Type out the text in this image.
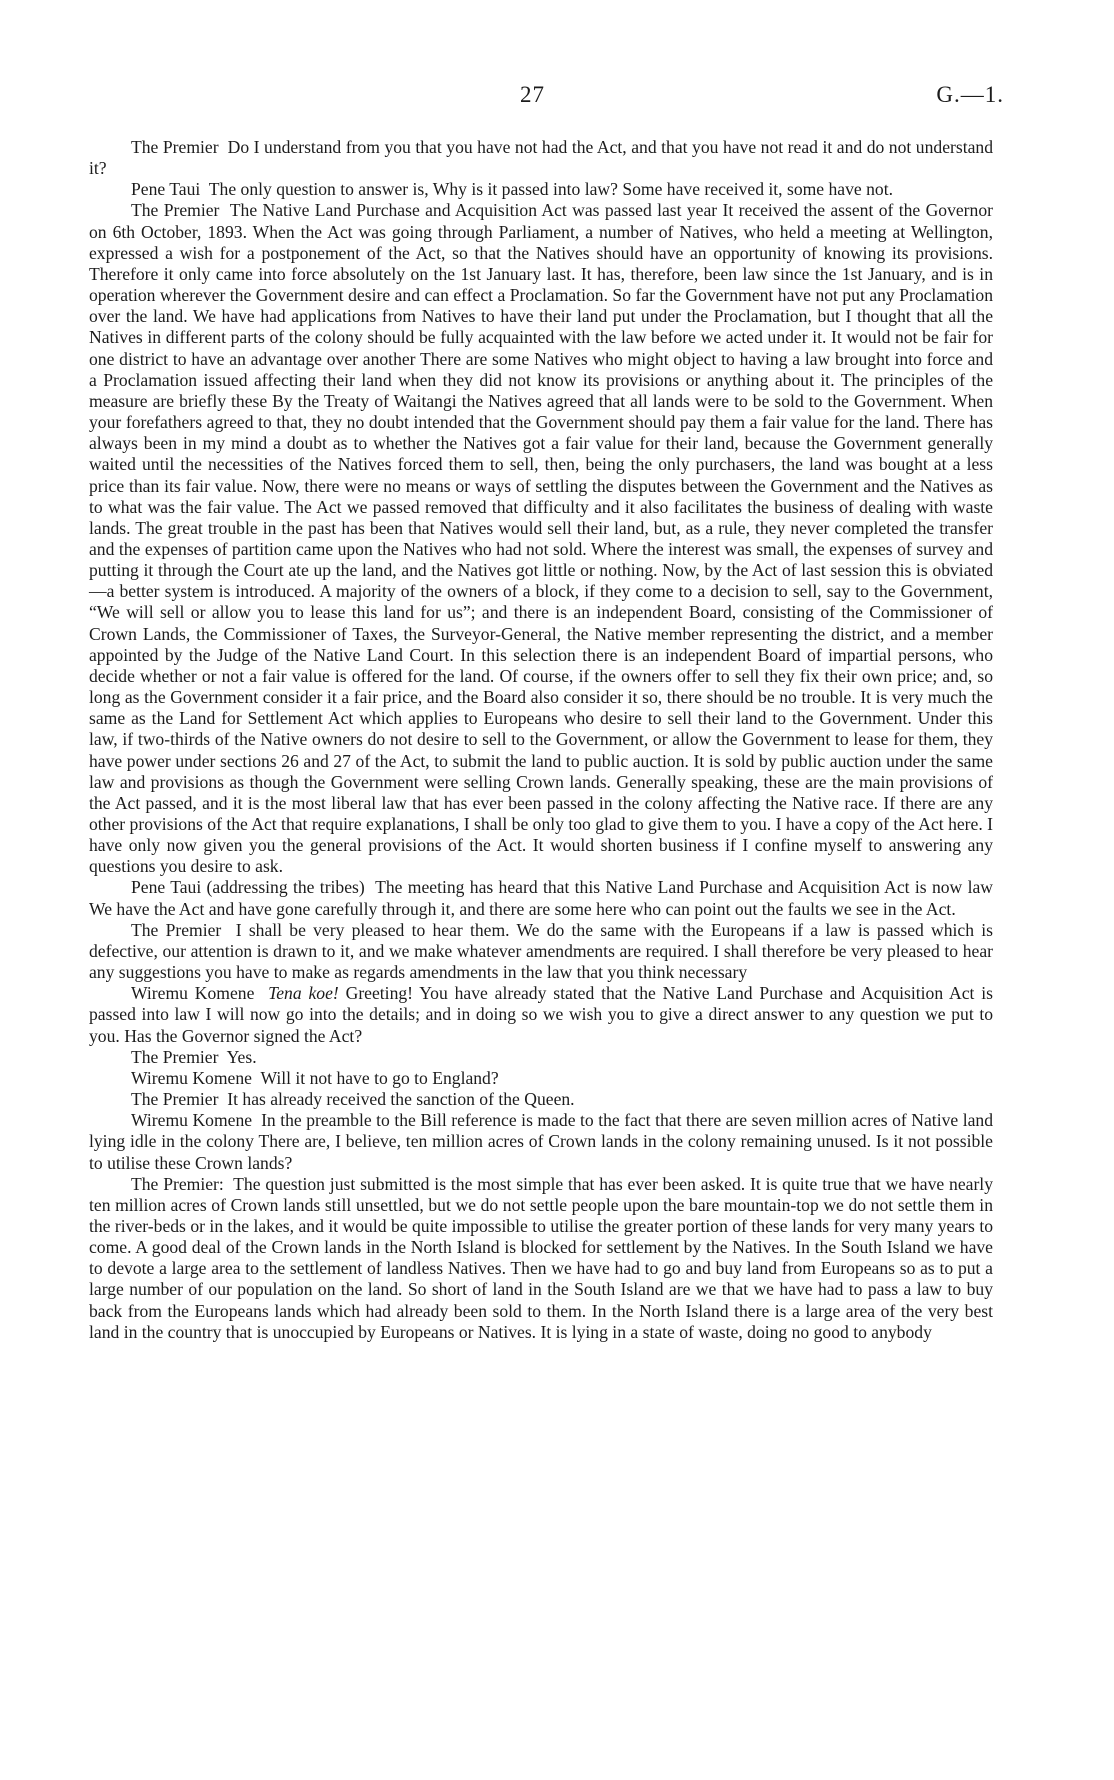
27	G.—1.

The Premier Do I understand from you that you have not had the Act, and that you have not read it and do not understand it?

Pene Taui The only question to answer is, Why is it passed into law? Some have received it, some have not.

The Premier The Native Land Purchase and Acquisition Act was passed last year It received the assent of the Governor on 6th October, 1893. When the Act was going through Parliament, a number of Natives, who held a meeting at Wellington, expressed a wish for a postponement of the Act, so that the Natives should have an opportunity of knowing its provisions. Therefore it only came into force absolutely on the 1st January last. It has, therefore, been law since the 1st January, and is in operation wherever the Government desire and can effect a Proclamation. So far the Government have not put any Proclamation over the land. We have had applications from Natives to have their land put under the Proclamation, but I thought that all the Natives in different parts of the colony should be fully acquainted with the law before we acted under it. It would not be fair for one district to have an advantage over another There are some Natives who might object to having a law brought into force and a Proclamation issued affecting their land when they did not know its provisions or anything about it. The principles of the measure are briefly these By the Treaty of Waitangi the Natives agreed that all lands were to be sold to the Government. When your forefathers agreed to that, they no doubt intended that the Government should pay them a fair value for the land. There has always been in my mind a doubt as to whether the Natives got a fair value for their land, because the Government generally waited until the necessities of the Natives forced them to sell, then, being the only purchasers, the land was bought at a less price than its fair value. Now, there were no means or ways of settling the disputes between the Government and the Natives as to what was the fair value. The Act we passed removed that difficulty and it also facilitates the business of dealing with waste lands. The great trouble in the past has been that Natives would sell their land, but, as a rule, they never completed the transfer and the expenses of partition came upon the Natives who had not sold. Where the interest was small, the expenses of survey and putting it through the Court ate up the land, and the Natives got little or nothing. Now, by the Act of last session this is obviated—a better system is introduced. A majority of the owners of a block, if they come to a decision to sell, say to the Government, “We will sell or allow you to lease this land for us”; and there is an independent Board, consisting of the Commissioner of Crown Lands, the Commissioner of Taxes, the Surveyor-General, the Native member representing the district, and a member appointed by the Judge of the Native Land Court. In this selection there is an independent Board of impartial persons, who decide whether or not a fair value is offered for the land. Of course, if the owners offer to sell they fix their own price; and, so long as the Government consider it a fair price, and the Board also consider it so, there should be no trouble. It is very much the same as the Land for Settlement Act which applies to Europeans who desire to sell their land to the Government. Under this law, if two-thirds of the Native owners do not desire to sell to the Government, or allow the Government to lease for them, they have power under sections 26 and 27 of the Act, to submit the land to public auction. It is sold by public auction under the same law and provisions as though the Government were selling Crown lands. Generally speaking, these are the main provisions of the Act passed, and it is the most liberal law that has ever been passed in the colony affecting the Native race. If there are any other provisions of the Act that require explanations, I shall be only too glad to give them to you. I have a copy of the Act here. I have only now given you the general provisions of the Act. It would shorten business if I confine myself to answering any questions you desire to ask.

Pene Taui (addressing the tribes) The meeting has heard that this Native Land Purchase and Acquisition Act is now law We have the Act and have gone carefully through it, and there are some here who can point out the faults we see in the Act.

The Premier I shall be very pleased to hear them. We do the same with the Europeans if a law is passed which is defective, our attention is drawn to it, and we make whatever amendments are required. I shall therefore be very pleased to hear any suggestions you have to make as regards amendments in the law that you think necessary

Wiremu Komene Tena koe! Greeting! You have already stated that the Native Land Purchase and Acquisition Act is passed into law I will now go into the details; and in doing so we wish you to give a direct answer to any question we put to you. Has the Governor signed the Act?

The Premier Yes.

Wiremu Komene Will it not have to go to England?

The Premier It has already received the sanction of the Queen.

Wiremu Komene In the preamble to the Bill reference is made to the fact that there are seven million acres of Native land lying idle in the colony There are, I believe, ten million acres of Crown lands in the colony remaining unused. Is it not possible to utilise these Crown lands?

The Premier: The question just submitted is the most simple that has ever been asked. It is quite true that we have nearly ten million acres of Crown lands still unsettled, but we do not settle people upon the bare mountain-top we do not settle them in the river-beds or in the lakes, and it would be quite impossible to utilise the greater portion of these lands for very many years to come. A good deal of the Crown lands in the North Island is blocked for settlement by the Natives. In the South Island we have to devote a large area to the settlement of landless Natives. Then we have had to go and buy land from Europeans so as to put a large number of our population on the land. So short of land in the South Island are we that we have had to pass a law to buy back from the Europeans lands which had already been sold to them. In the North Island there is a large area of the very best land in the country that is unoccupied by Europeans or Natives. It is lying in a state of waste, doing no good to anybody
